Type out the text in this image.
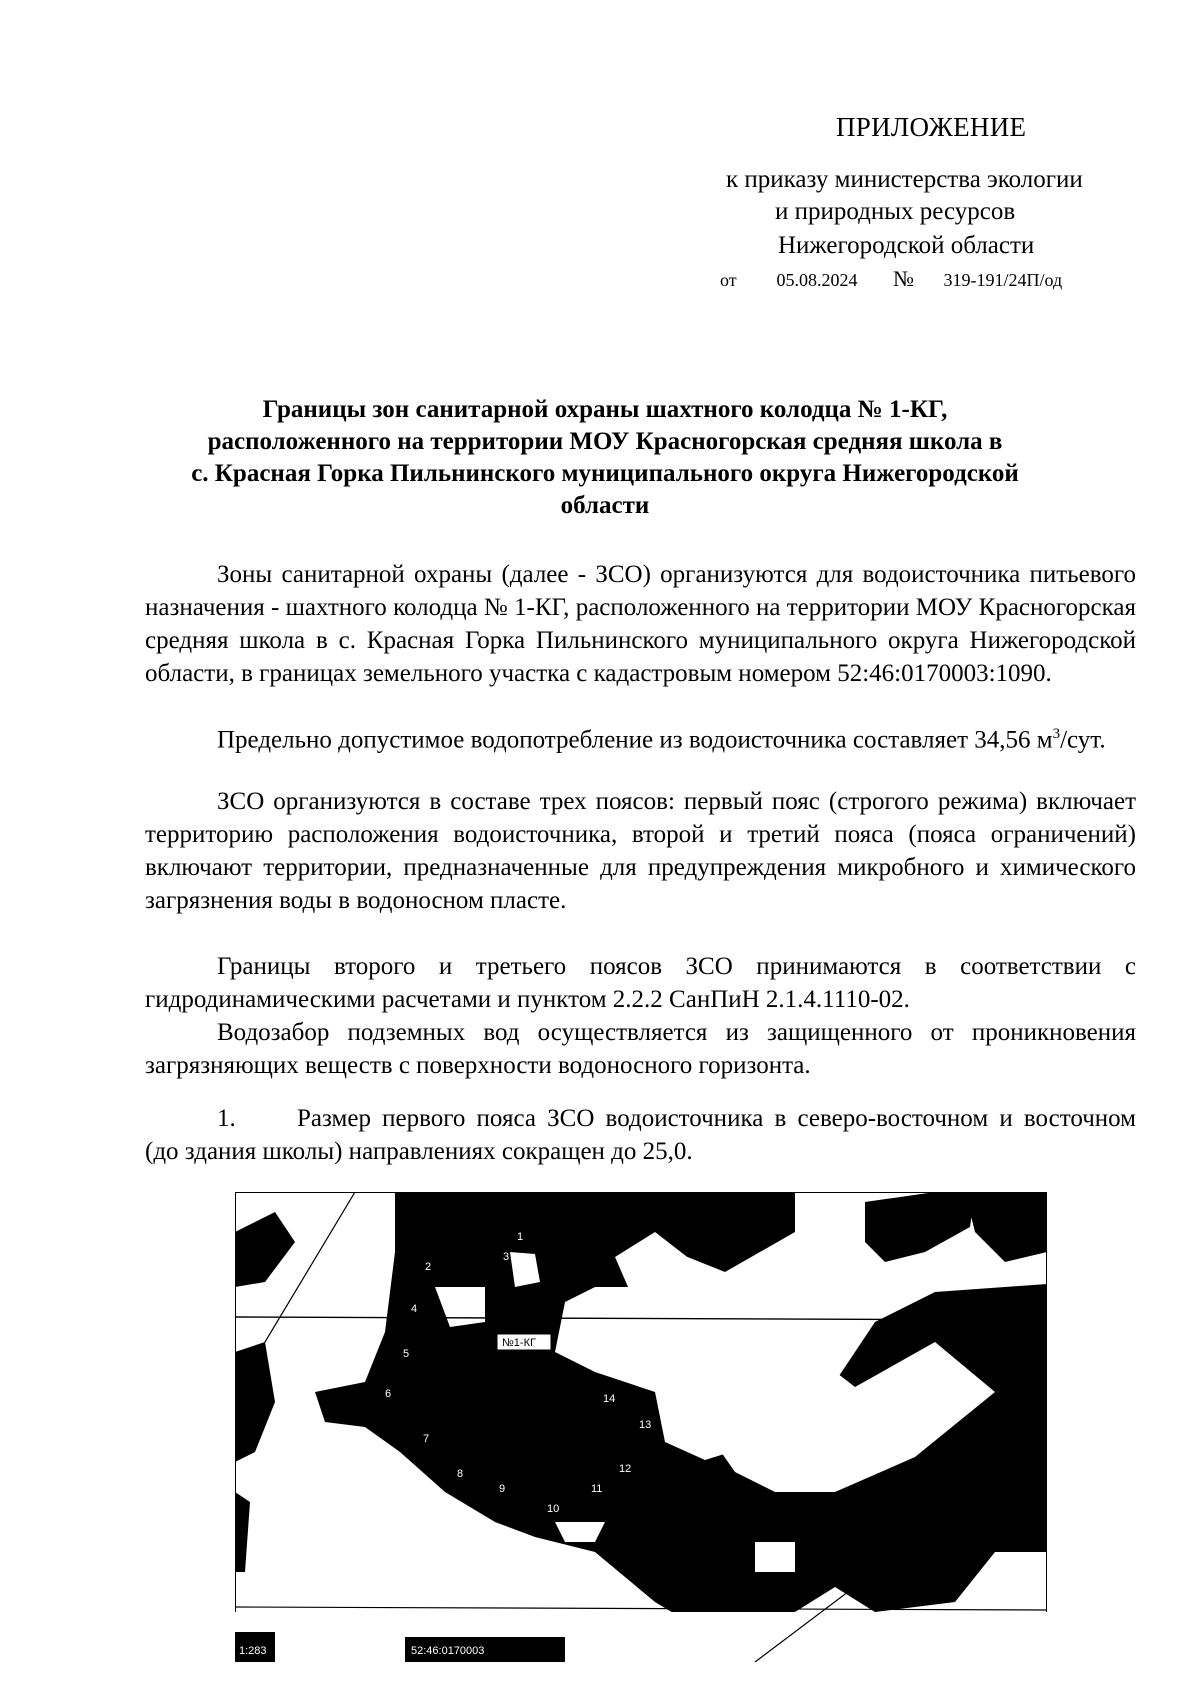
ПРИЛОЖЕНИЕ
к приказу министерства экологии
и природных ресурсов
Нижегородской области
от 05.08.2024 № 319-191/24П/од
Границы зон санитарной охраны шахтного колодца № 1-КГ,
расположенного на территории МОУ Красногорская средняя школа в
с. Красная Горка Пильнинского муниципального округа Нижегородской
области
Зоны санитарной охраны (далее - ЗСО) организуются для водоисточника питьевого назначения - шахтного колодца № 1-КГ, расположенного на территории МОУ Красногорская средняя школа в с. Красная Горка Пильнинского муниципального округа Нижегородской области, в границах земельного участка с кадастровым номером 52:46:0170003:1090.
Предельно допустимое водопотребление из водоисточника составляет 34,56 $м^3$/сут.
ЗСО организуются в составе трех поясов: первый пояс (строгого режима) включает территорию расположения водоисточника, второй и третий пояса (пояса ограничений) включают территории, предназначенные для предупреждения микробного и химического загрязнения воды в водоносном пласте.
Границы второго и третьего поясов ЗСО принимаются в соответствии с гидродинамическими расчетами и пунктом 2.2.2 СанПиН 2.1.4.1110-02.
Водозабор подземных вод осуществляется из защищенного от проникновения загрязняющих веществ с поверхности водоносного горизонта.
1. Размер первого пояса ЗСО водоисточника в северо-восточном и восточном (до здания школы) направлениях сокращен до 25,0.
№1-КГ
1
2
3
4
5
6
7
8
9
10
11
12
13
14
1:283	52:46:0170003
